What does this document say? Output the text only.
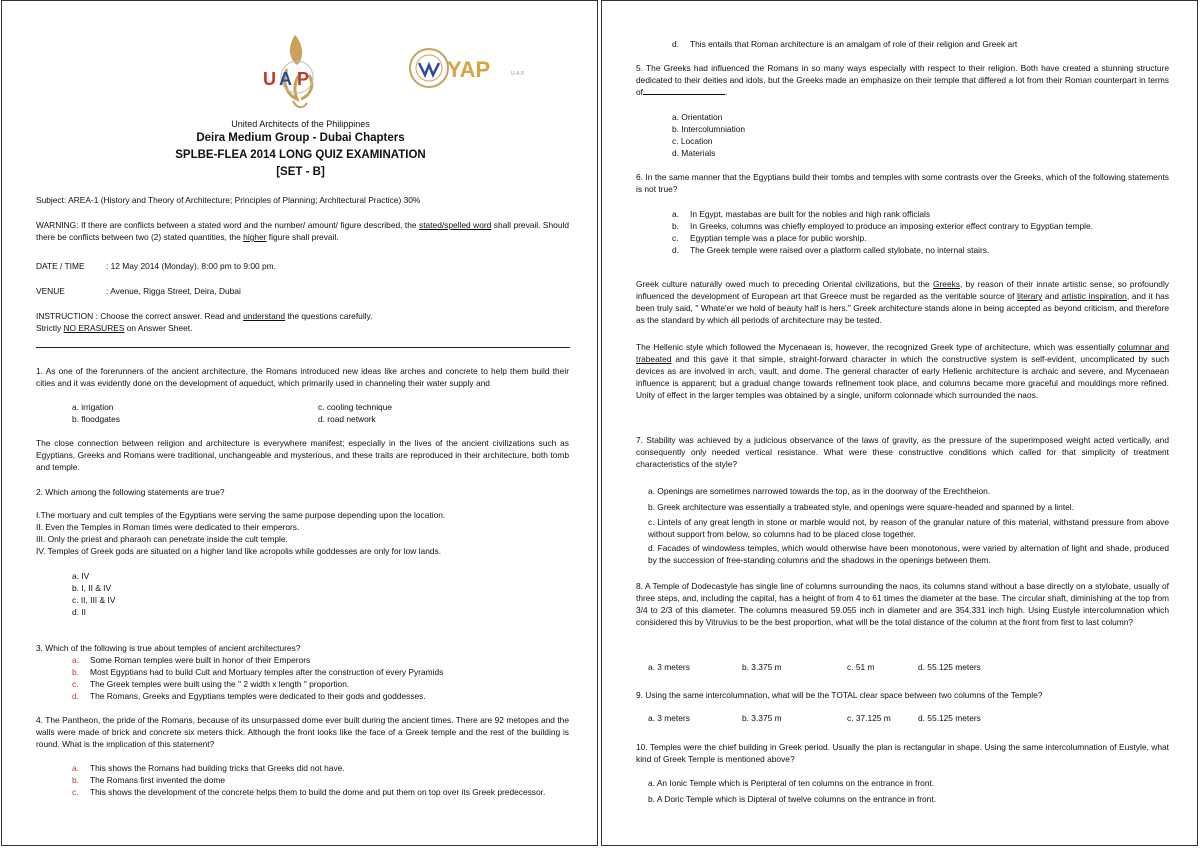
U A P	YAP	U.A.P.
United Architects of the Philippines
Deira Medium Group - Dubai Chapters
SPLBE-FLEA 2014 LONG QUIZ EXAMINATION
[SET - B]
Subject: AREA-1 (History and Theory of Architecture; Principles of Planning; Architectural Practice) 30%
WARNING: If there are conflicts between a stated word and the number/ amount/ figure described, the stated/spelled word shall prevail. Should there be conflicts between two (2) stated quantities, the higher figure shall prevail.
DATE / TIME	: 12 May 2014 (Monday). 8:00 pm to 9:00 pm.
VENUE	: Avenue, Rigga Street, Deira, Dubai
INSTRUCTION : Choose the correct answer. Read and understand the questions carefully.
Strictly NO ERASURES on Answer Sheet.
1. As one of the forerunners of the ancient architecture, the Romans introduced new ideas like arches and concrete to help them build their cities and it was evidently done on the development of aqueduct, which primarily used in channeling their water supply and
a. irrigation
b. floodgates
c. cooling technique
d. road network
The close connection between religion and architecture is everywhere manifest; especially in the lives of the ancient civilizations such as Egyptians, Greeks and Romans were traditional, unchangeable and mysterious, and these traits are reproduced in their architecture, both tomb and temple.
2. Which among the following statements are true?
I.The mortuary and cult temples of the Egyptians were serving the same purpose depending upon the location.
II. Even the Temples in Roman times were dedicated to their emperors.
III. Only the priest and pharaoh can penetrate inside the cult temple.
IV. Temples of Greek gods are situated on a higher land like acropolis while goddesses are only for low lands.
a. IV
b. I, II & IV
c. II, III & IV
d. II
3. Which of the following is true about temples of ancient architectures?
a. Some Roman temples were built in honor of their Emperors
b. Most Egyptians had to build Cult and Mortuary temples after the construction of every Pyramids
c. The Greek temples were built using the " 2 width x length " proportion.
d. The Romans, Greeks and Egyptians temples were dedicated to their gods and goddesses.
4. The Pantheon, the pride of the Romans, because of its unsurpassed dome ever built during the ancient times. There are 92 metopes and the walls were made of brick and concrete six meters thick. Although the front looks like the face of a Greek temple and the rest of the building is round. What is the implication of this statement?
a. This shows the Romans had building tricks that Greeks did not have.
b. The Romans first invented the dome
c. This shows the development of the concrete helps them to build the dome and put them on top over its Greek predecessor.
d. This entails that Roman architecture is an amalgam of role of their religion and Greek art
5. The Greeks had influenced the Romans in so many ways especially with respect to their religion. Both have created a stunning structure dedicated to their deities and idols, but the Greeks made an emphasize on their temple that differed a lot from their Roman counterpart in terms of	.
a. Orientation
b. Intercolumniation
c. Location
d. Materials
6. In the same manner that the Egyptians build their tombs and temples with some contrasts over the Greeks, which of the following statements is not true?
a. In Egypt, mastabas are built for the nobles and high rank officials
b. In Greeks, columns was chiefly employed to produce an imposing exterior effect contrary to Egyptian temple.
c. Egyptian temple was a place for public worship.
d. The Greek temple were raised over a platform called stylobate, no internal stairs.
Greek culture naturally owed much to preceding Oriental civilizations, but the Greeks, by reason of their innate artistic sense, so profoundly influenced the development of European art that Greece must be regarded as the veritable source of literary and artistic inspiration, and it has been truly said, " Whate'er we hold of beauty half is hers." Greek architecture stands alone in being accepted as beyond criticism, and therefore as the standard by which all periods of architecture may be tested.
The Hellenic style which followed the Mycenaean is, however, the recognized Greek type of architecture, which was essentially columnar and trabeated and this gave it that simple, straight-forward character in which the constructive system is self-evident, uncomplicated by such devices as are involved in arch, vault, and dome. The general character of early Hellenic architecture is archaic and severe, and Mycenaean influence is apparent; but a gradual change towards refinement took place, and columns became more graceful and mouldings more refined. Unity of effect in the larger temples was obtained by a single, uniform colonnade which surrounded the naos.
7. Stability was achieved by a judicious observance of the laws of gravity, as the pressure of the superimposed weight acted vertically, and consequently only needed vertical resistance. What were these constructive conditions which called for that simplicity of treatment characteristics of the style?
a. Openings are sometimes narrowed towards the top, as in the doorway of the Erechtheion.
b. Greek architecture was essentially a trabeated style, and openings were square-headed and spanned by a lintel.
c. Lintels of any great length in stone or marble would not, by reason of the granular nature of this material, withstand pressure from above without support from below, so columns had to be placed close together.
d. Facades of windowless temples, which would otherwise have been monotonous, were varied by alternation of light and shade, produced by the succession of free-standing columns and the shadows in the openings between them.
8. A Temple of Dodecastyle has single line of columns surrounding the naos, its columns stand without a base directly on a stylobate, usually of three steps, and, including the capital, has a height of from 4 to 61 times the diameter at the base. The circular shaft, diminishing at the top from 3/4 to 2/3 of this diameter. The columns measured 59.055 inch in diameter and are 354.331 inch high. Using Eustyle intercolumnation which considered this by Vitruvius to be the best proportion, what will be the total distance of the column at the front from first to last column?
a. 3 meters	b. 3.375 m	c. 51 m	d. 55.125 meters
9. Using the same intercolumnation, what will be the TOTAL clear space between two columns of the Temple?
a. 3 meters	b. 3.375 m	c. 37.125 m	d. 55.125 meters
10. Temples were the chief building in Greek period. Usually the plan is rectangular in shape. Using the same intercolumnation of Eustyle, what kind of Greek Temple is mentioned above?
a. An Ionic Temple which is Peripteral of ten columns on the entrance in front.
b. A Doric Temple which is Dipteral of twelve columns on the entrance in front.
